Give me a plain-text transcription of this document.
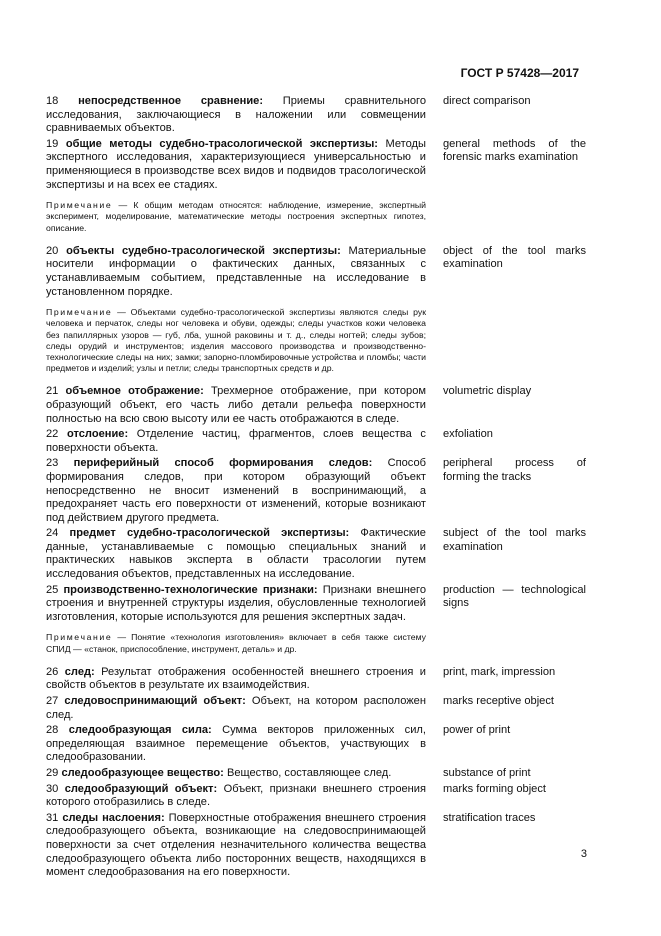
ГОСТ Р 57428—2017
18 непосредственное сравнение: Приемы сравнительного исследования, заключающиеся в наложении или совмещении сравниваемых объектов.
direct comparison
19 общие методы судебно-трасологической экспертизы: Методы экспертного исследования, характеризующиеся универсальностью и применяющиеся в производстве всех видов и подвидов трасологической экспертизы и на всех ее стадиях.
general methods of the forensic marks examination
Примечание — К общим методам относятся: наблюдение, измерение, экспертный эксперимент, моделирование, математические методы построения экспертных гипотез, описание.
20 объекты судебно-трасологической экспертизы: Материальные носители информации о фактических данных, связанных с устанавливаемым событием, представленные на исследование в установленном порядке.
object of the tool marks examination
Примечание — Объектами судебно-трасологической экспертизы являются следы рук человека и перчаток, следы ног человека и обуви, одежды; следы участков кожи человека без папиллярных узоров — губ, лба, ушной раковины и т. д., следы ногтей; следы зубов; следы орудий и инструментов; изделия массового производства и производственно-технологические следы на них; замки; запорно-пломбировочные устройства и пломбы; части предметов и изделий; узлы и петли; следы транспортных средств и др.
21 объемное отображение: Трехмерное отображение, при котором образующий объект, его часть либо детали рельефа поверхности полностью на всю свою высоту или ее часть отображаются в следе.
volumetric display
22 отслоение: Отделение частиц, фрагментов, слоев вещества с поверхности объекта.
exfoliation
23 периферийный способ формирования следов: Способ формирования следов, при котором образующий объект непосредственно не вносит изменений в воспринимающий, а предохраняет часть его поверхности от изменений, которые возникают под действием другого предмета.
peripheral process of forming the tracks
24 предмет судебно-трасологической экспертизы: Фактические данные, устанавливаемые с помощью специальных знаний и практических навыков эксперта в области трасологии путем исследования объектов, представленных на исследование.
subject of the tool marks examination
25 производственно-технологические признаки: Признаки внешнего строения и внутренней структуры изделия, обусловленные технологией изготовления, которые используются для решения экспертных задач.
production — technological signs
Примечание — Понятие «технология изготовления» включает в себя также систему СПИД — «станок, приспособление, инструмент, деталь» и др.
26 след: Результат отображения особенностей внешнего строения и свойств объектов в результате их взаимодействия.
print, mark, impression
27 следовоспринимающий объект: Объект, на котором расположен след.
marks receptive object
28 следообразующая сила: Сумма векторов приложенных сил, определяющая взаимное перемещение объектов, участвующих в следообразовании.
power of print
29 следообразующее вещество: Вещество, составляющее след.	substance of print
30 следообразующий объект: Объект, признаки внешнего строения которого отобразились в следе.
marks forming object
31 следы наслоения: Поверхностные отображения внешнего строения следообразующего объекта, возникающие на следовоспринимающей поверхности за счет отделения незначительного количества вещества следообразующего объекта либо посторонних веществ, находящихся в момент следообразования на его поверхности.
stratification traces
3
